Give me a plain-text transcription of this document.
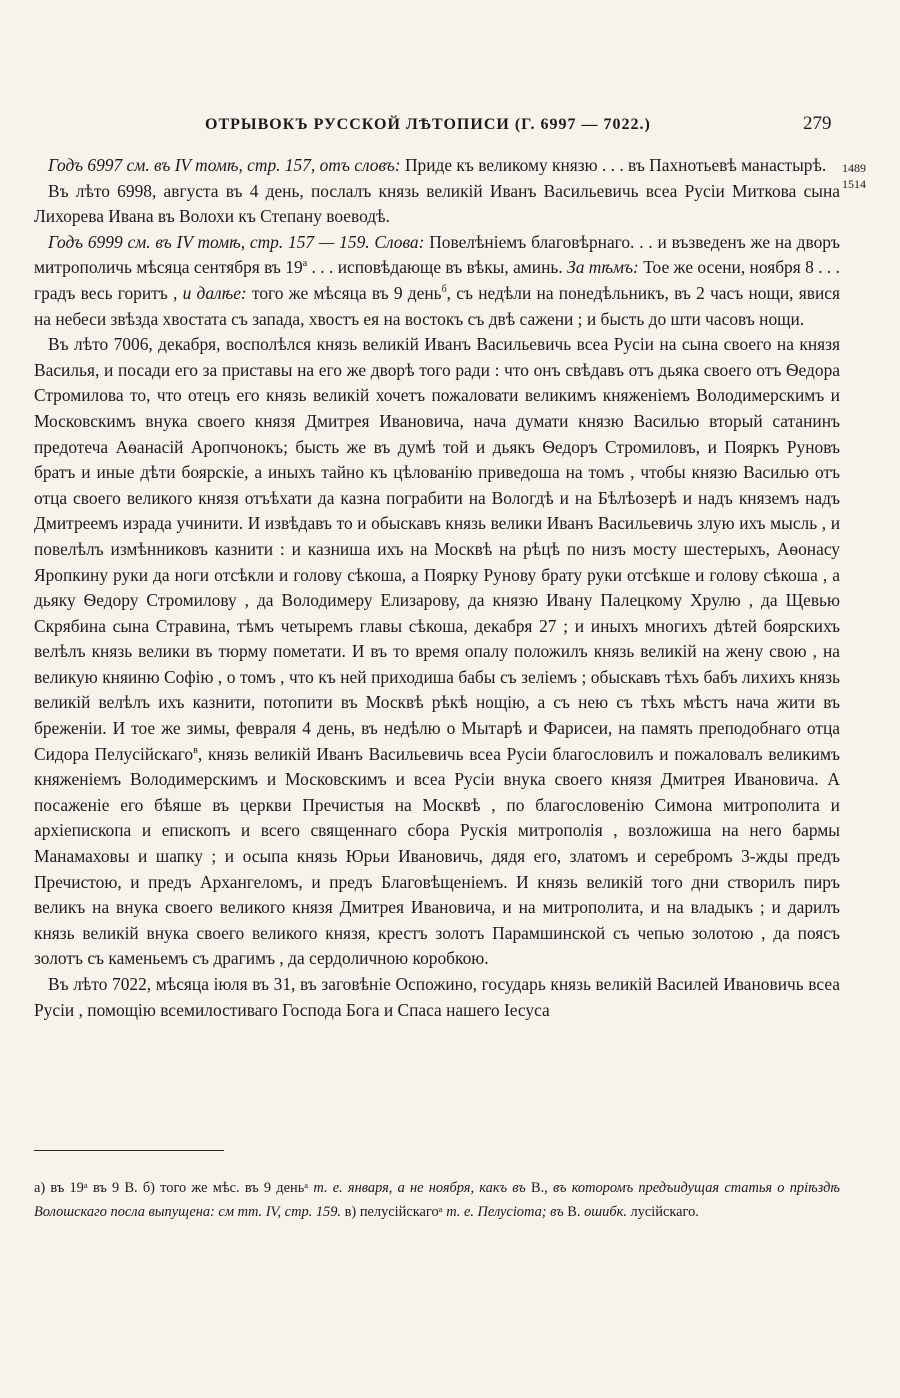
ОТРЫВОКЪ РУССКОЙ ЛѢТОПИСИ (Г. 6997 — 7022.)	279
1489
1514

Годъ 6997 см. въ IV томѣ, стр. 157, отъ словъ: Приде къ великому князю . . . въ Пахнотьевѣ манастырѣ.

Въ лѣто 6998, августа въ 4 день, послалъ князь великій Иванъ Васильевичь всеа Русіи Миткова сына Лихорева Ивана въ Волохи къ Степану воеводѣ.

Годъ 6999 см. въ IV томѣ, стр. 157 — 159. Слова: Повелѣніемъ благовѣрнаго. . . и възведенъ же на дворъ митрополичь мѣсяца сентября въ $19^а$ . . . исповѣдающе въ вѣкы, аминь. За тѣмъ: Тое же осени, ноября 8 . . . градъ весь горитъ , и далѣе: того же мѣсяца въ 9 день$^б$, съ недѣли на понедѣльникъ, въ 2 часъ нощи, явися на небеси звѣзда хвостата съ запада, хвостъ ея на востокъ съ двѣ сажени ; и бысть до шти часовъ нощи.

Въ лѣто 7006, декабря, восполѣлся князь великій Иванъ Васильевичь всеа Русіи на сына своего на князя Василья, и посади его за приставы на его же дворѣ того ради : что онъ свѣдавъ отъ дьяка своего отъ Ѳедора Стромилова то, что отецъ его князь великій хочетъ пожаловати великимъ княженіемъ Володимерскимъ и Московскимъ внука своего князя Дмитрея Ивановича, нача думати князю Василью вторый сатанинъ предотеча Аѳанасій Аропчонокъ; бысть же въ думѣ той и дьякъ Ѳедоръ Стромиловъ, и Пояркъ Руновъ братъ и иные дѣти боярскіе, а иныхъ тайно къ цѣлованію приведоша на томъ , чтобы князю Василью отъ отца своего великого князя отъѣхати да казна пограбити на Вологдѣ и на Бѣлѣозерѣ и надъ княземъ надъ Дмитреемъ израда учинити. И извѣдавъ то и обыскавъ князь велики Иванъ Васильевичь злую ихъ мысль , и повелѣлъ измѣнниковъ казнити : и казниша ихъ на Москвѣ на рѣцѣ по низъ мосту шестерыхъ, Аѳонасу Яропкину руки да ноги отсѣкли и голову сѣкоша, а Поярку Рунову брату руки отсѣкше и голову сѣкоша , а дьяку Ѳедору Стромилову , да Володимеру Елизарову, да князю Ивану Палецкому Хрулю , да Щевью Скрябина сына Стравина, тѣмъ четыремъ главы сѣкоша, декабря 27 ; и иныхъ многихъ дѣтей боярскихъ велѣлъ князь велики въ тюрму пометати. И въ то время опалу положилъ князь великій на жену свою , на великую княиню Софію , о томъ , что къ ней приходиша бабы съ зеліемъ ; обыскавъ тѣхъ бабъ лихихъ князь великій велѣлъ ихъ казнити, потопити въ Москвѣ рѣкѣ нощію, а съ нею съ тѣхъ мѣстъ нача жити въ бреженіи. И тое же зимы, февраля 4 день, въ недѣлю о Мытарѣ и Фарисеи, на память преподобнаго отца Сидора Пелусійскаго$^в$, князь великій Иванъ Васильевичь всеа Русіи благословилъ и пожаловалъ великимъ княженіемъ Володимерскимъ и Московскимъ и всеа Русіи внука своего князя Дмитрея Ивановича. А посаженіе его бѣяше въ церкви Пречистыя на Москвѣ , по благословенію Симона митрополита и архіепископа и епископъ и всего священнаго сбора Рускія митрополія , возложиша на него бармы Манамаховы и шапку ; и осыпа князь Юрьи Ивановичь, дядя его, златомъ и серебромъ 3-жды предъ Пречистою, и предъ Архангеломъ, и предъ Благовѣщеніемъ. И князь великій того дни створилъ пиръ великъ на внука своего великого князя Дмитрея Ивановича, и на митрополита, и на владыкъ ; и дарилъ князь великій внука своего великого князя, крестъ золотъ Парамшинской съ чепью золотою , да поясъ золотъ съ каменьемъ съ драгимъ , да сердоличною коробкою.

Въ лѣто 7022, мѣсяца іюля въ 31, въ заговѣніе Оспожино, государь князь великій Василей Ивановичь всеа Русіи , помощію всемилостиваго Господа Бога и Спаса нашего Іесуса

а) въ 19ᵃ въ 9 В. б) того же мѣс. въ 9 деньᵃ т. е. января, а не ноября, какъ въ В., въ которомъ предъидущая статья о пріѣздѣ Волошскаго посла выпущена: см тт. IV, стр. 159. в) пелусійскагоᵃ т. е. Пелусіота; въ В. ошибк. лусійскаго.
